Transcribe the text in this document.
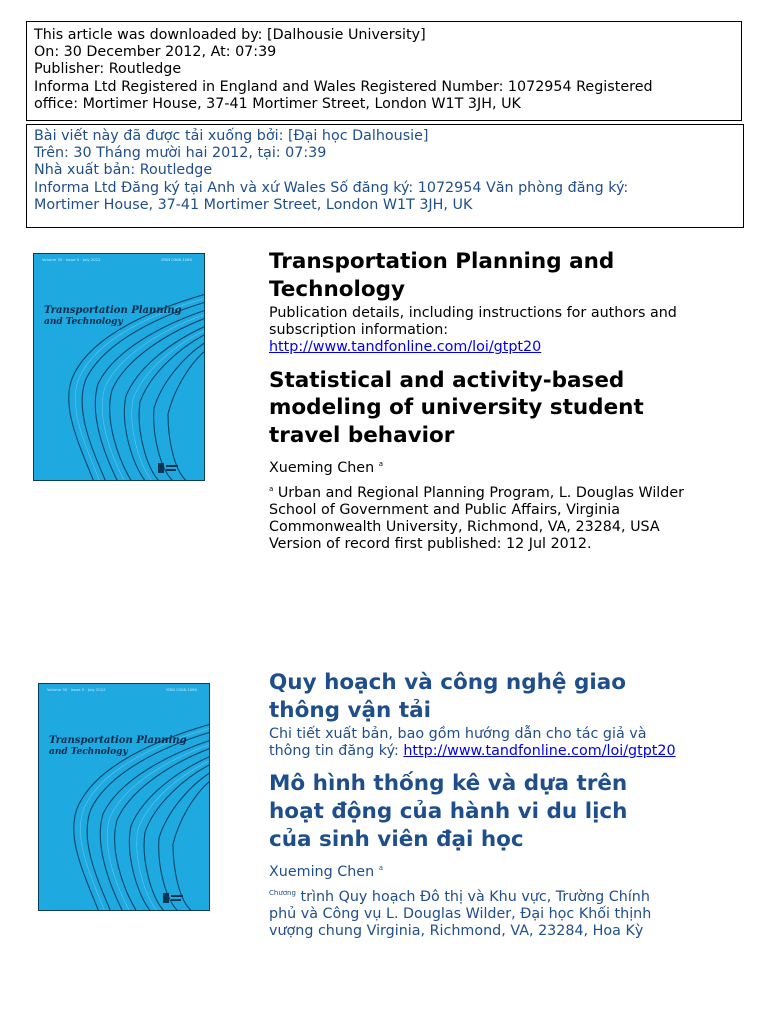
This article was downloaded by: [Dalhousie University]
On: 30 December 2012, At: 07:39
Publisher: Routledge
Informa Ltd Registered in England and Wales Registered Number: 1072954 Registered
office: Mortimer House, 37-41 Mortimer Street, London W1T 3JH, UK
Bài viết này đã được tải xuống bởi: [Đại học Dalhousie]
Trên: 30 Tháng mười hai 2012, tại: 07:39
Nhà xuất bản: Routledge
Informa Ltd Đăng ký tại Anh và xứ Wales Số đăng ký: 1072954 Văn phòng đăng ký:
Mortimer House, 37-41 Mortimer Street, London W1T 3JH, UK
Volume 35 · Issue 5 · July 2012	ISSN 0308-1060
Transportation Planning
and Technology
Transportation Planning and
Technology
Publication details, including instructions for authors and
subscription information:
http://www.tandfonline.com/loi/gtpt20
Statistical and activity-based
modeling of university student
travel behavior
Xueming Chen $^a$
$^a$ Urban and Regional Planning Program, L. Douglas Wilder
School of Government and Public Affairs, Virginia
Commonwealth University, Richmond, VA, 23284, USA
Version of record first published: 12 Jul 2012.
Volume 35 · Issue 5 · July 2012	ISSN 0308-1060
Transportation Planning
and Technology
Quy hoạch và công nghệ giao
thông vận tải
Chi tiết xuất bản, bao gồm hướng dẫn cho tác giả và
thông tin đăng ký: http://www.tandfonline.com/loi/gtpt20
Mô hình thống kê và dựa trên
hoạt động của hành vi du lịch
của sinh viên đại học
Xueming Chen $^a$
$^{Chương}$ trình Quy hoạch Đô thị và Khu vực, Trường Chính
phủ và Công vụ L. Douglas Wilder, Đại học Khối thịnh
vượng chung Virginia, Richmond, VA, 23284, Hoa Kỳ
